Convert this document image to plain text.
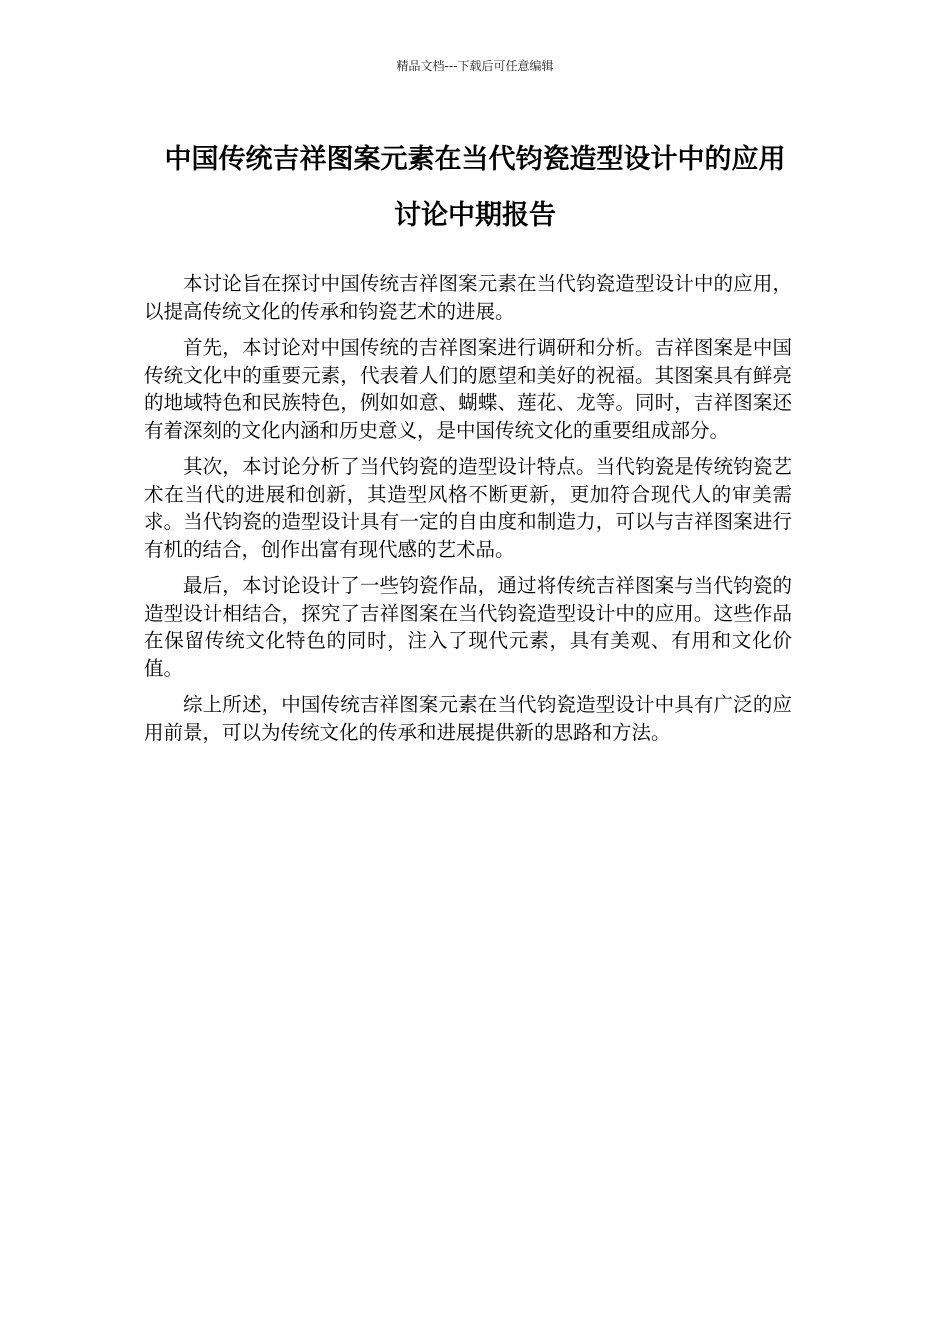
精品文档---下载后可任意编辑
中国传统吉祥图案元素在当代钧瓷造型设计中的应用
讨论中期报告

本讨论旨在探讨中国传统吉祥图案元素在当代钧瓷造型设计中的应用，以提高传统文化的传承和钧瓷艺术的进展。

首先，本讨论对中国传统的吉祥图案进行调研和分析。吉祥图案是中国传统文化中的重要元素，代表着人们的愿望和美好的祝福。其图案具有鲜亮的地域特色和民族特色，例如如意、蝴蝶、莲花、龙等。同时，吉祥图案还有着深刻的文化内涵和历史意义，是中国传统文化的重要组成部分。

其次，本讨论分析了当代钧瓷的造型设计特点。当代钧瓷是传统钧瓷艺术在当代的进展和创新，其造型风格不断更新，更加符合现代人的审美需求。当代钧瓷的造型设计具有一定的自由度和制造力，可以与吉祥图案进行有机的结合，创作出富有现代感的艺术品。

最后，本讨论设计了一些钧瓷作品，通过将传统吉祥图案与当代钧瓷的造型设计相结合，探究了吉祥图案在当代钧瓷造型设计中的应用。这些作品在保留传统文化特色的同时，注入了现代元素，具有美观、有用和文化价值。

综上所述，中国传统吉祥图案元素在当代钧瓷造型设计中具有广泛的应用前景，可以为传统文化的传承和进展提供新的思路和方法。
